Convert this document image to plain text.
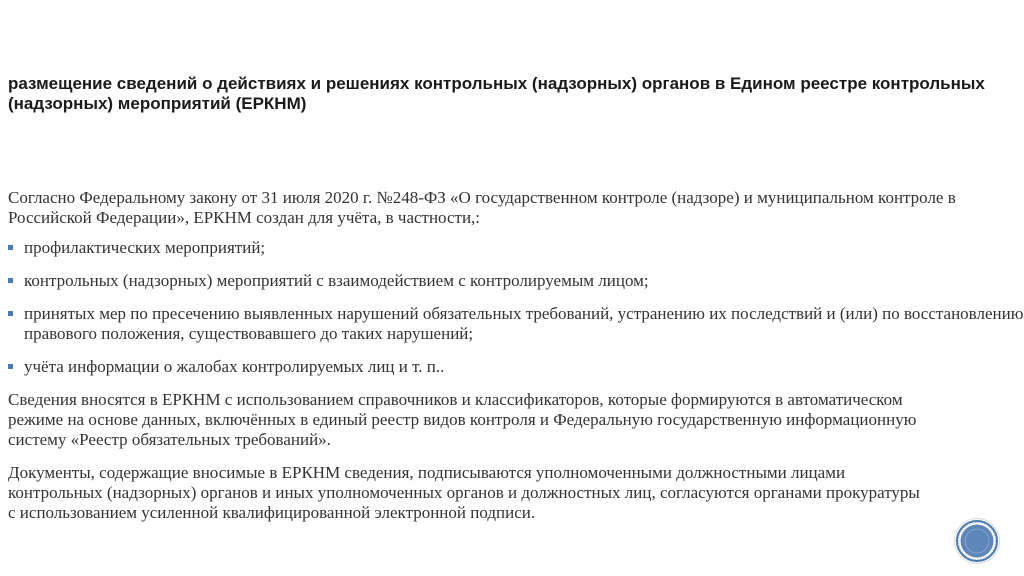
размещение сведений о действиях и решениях контрольных (надзорных) органов в Едином реестре контрольных (надзорных) мероприятий (ЕРКНМ)

Согласно Федеральному закону от 31 июля 2020 г. №248-ФЗ «О государственном контроле (надзоре) и муниципальном контроле в Российской Федерации», ЕРКНМ создан для учёта, в частности,:

профилактических мероприятий;
контрольных (надзорных) мероприятий с взаимодействием с контролируемым лицом;
принятых мер по пресечению выявленных нарушений обязательных требований, устранению их последствий и (или) по восстановлению правового положения, существовавшего до таких нарушений;
учёта информации о жалобах контролируемых лиц и т. п..

Сведения вносятся в ЕРКНМ с использованием справочников и классификаторов, которые формируются в автоматическом
режиме на основе данных, включённых в единый реестр видов контроля и Федеральную государственную информационную
систему «Реестр обязательных требований».

Документы, содержащие вносимые в ЕРКНМ сведения, подписываются уполномоченными должностными лицами
контрольных (надзорных) органов и иных уполномоченных органов и должностных лиц, согласуются органами прокуратуры
с использованием усиленной квалифицированной электронной подписи.
